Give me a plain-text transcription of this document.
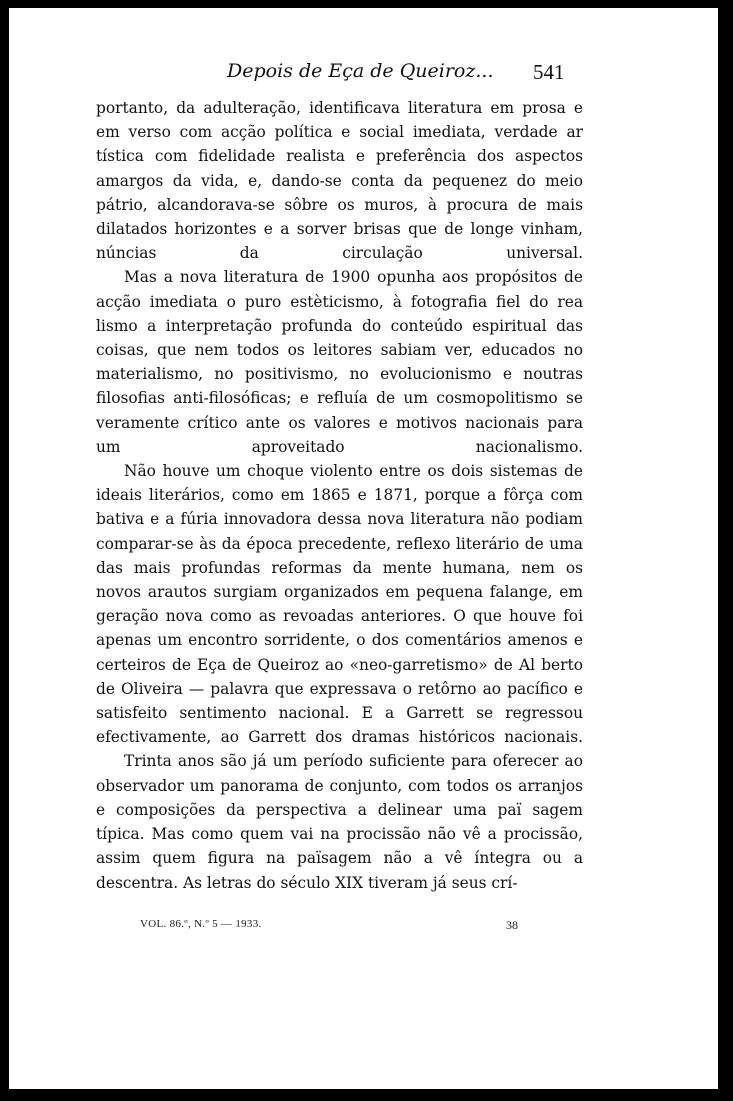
Depois de Eça de Queiroz... 541

portanto, da adulteração, identificava literatura em prosa e em verso com acção política e social imediata, verdade ar tística com fidelidade realista e preferência dos aspectos amargos da vida, e, dando-se conta da pequenez do meio pátrio, alcandorava-se sôbre os muros, à procura de mais dilatados horizontes e a sorver brisas que de longe vinham, núncias da circulação universal.

Mas a nova literatura de 1900 opunha aos propósitos de acção imediata o puro estèticismo, à fotografia fiel do rea lismo a interpretação profunda do conteúdo espiritual das coisas, que nem todos os leitores sabiam ver, educados no materialismo, no positivismo, no evolucionismo e noutras filosofias anti-filosóficas; e refluía de um cosmopolitismo se veramente crítico ante os valores e motivos nacionais para um aproveitado nacionalismo.

Não houve um choque violento entre os dois sistemas de ideais literários, como em 1865 e 1871, porque a fôrça com bativa e a fúria innovadora dessa nova literatura não podiam comparar-se às da época precedente, reflexo literário de uma das mais profundas reformas da mente humana, nem os novos arautos surgiam organizados em pequena falange, em geração nova como as revoadas anteriores. O que houve foi apenas um encontro sorridente, o dos comentários amenos e certeiros de Eça de Queiroz ao «neo-garretismo» de Al berto de Oliveira — palavra que expressava o retôrno ao pacífico e satisfeito sentimento nacional. E a Garrett se regressou efectivamente, ao Garrett dos dramas históricos nacionais.

Trinta anos são já um período suficiente para oferecer ao observador um panorama de conjunto, com todos os arranjos e composições da perspectiva a delinear uma paï sagem típica. Mas como quem vai na procissão não vê a procissão, assim quem figura na païsagem não a vê íntegra ou a descentra. As letras do século XIX tiveram já seus crí-

VOL. 86.º, N.º 5 — 1933.	38
